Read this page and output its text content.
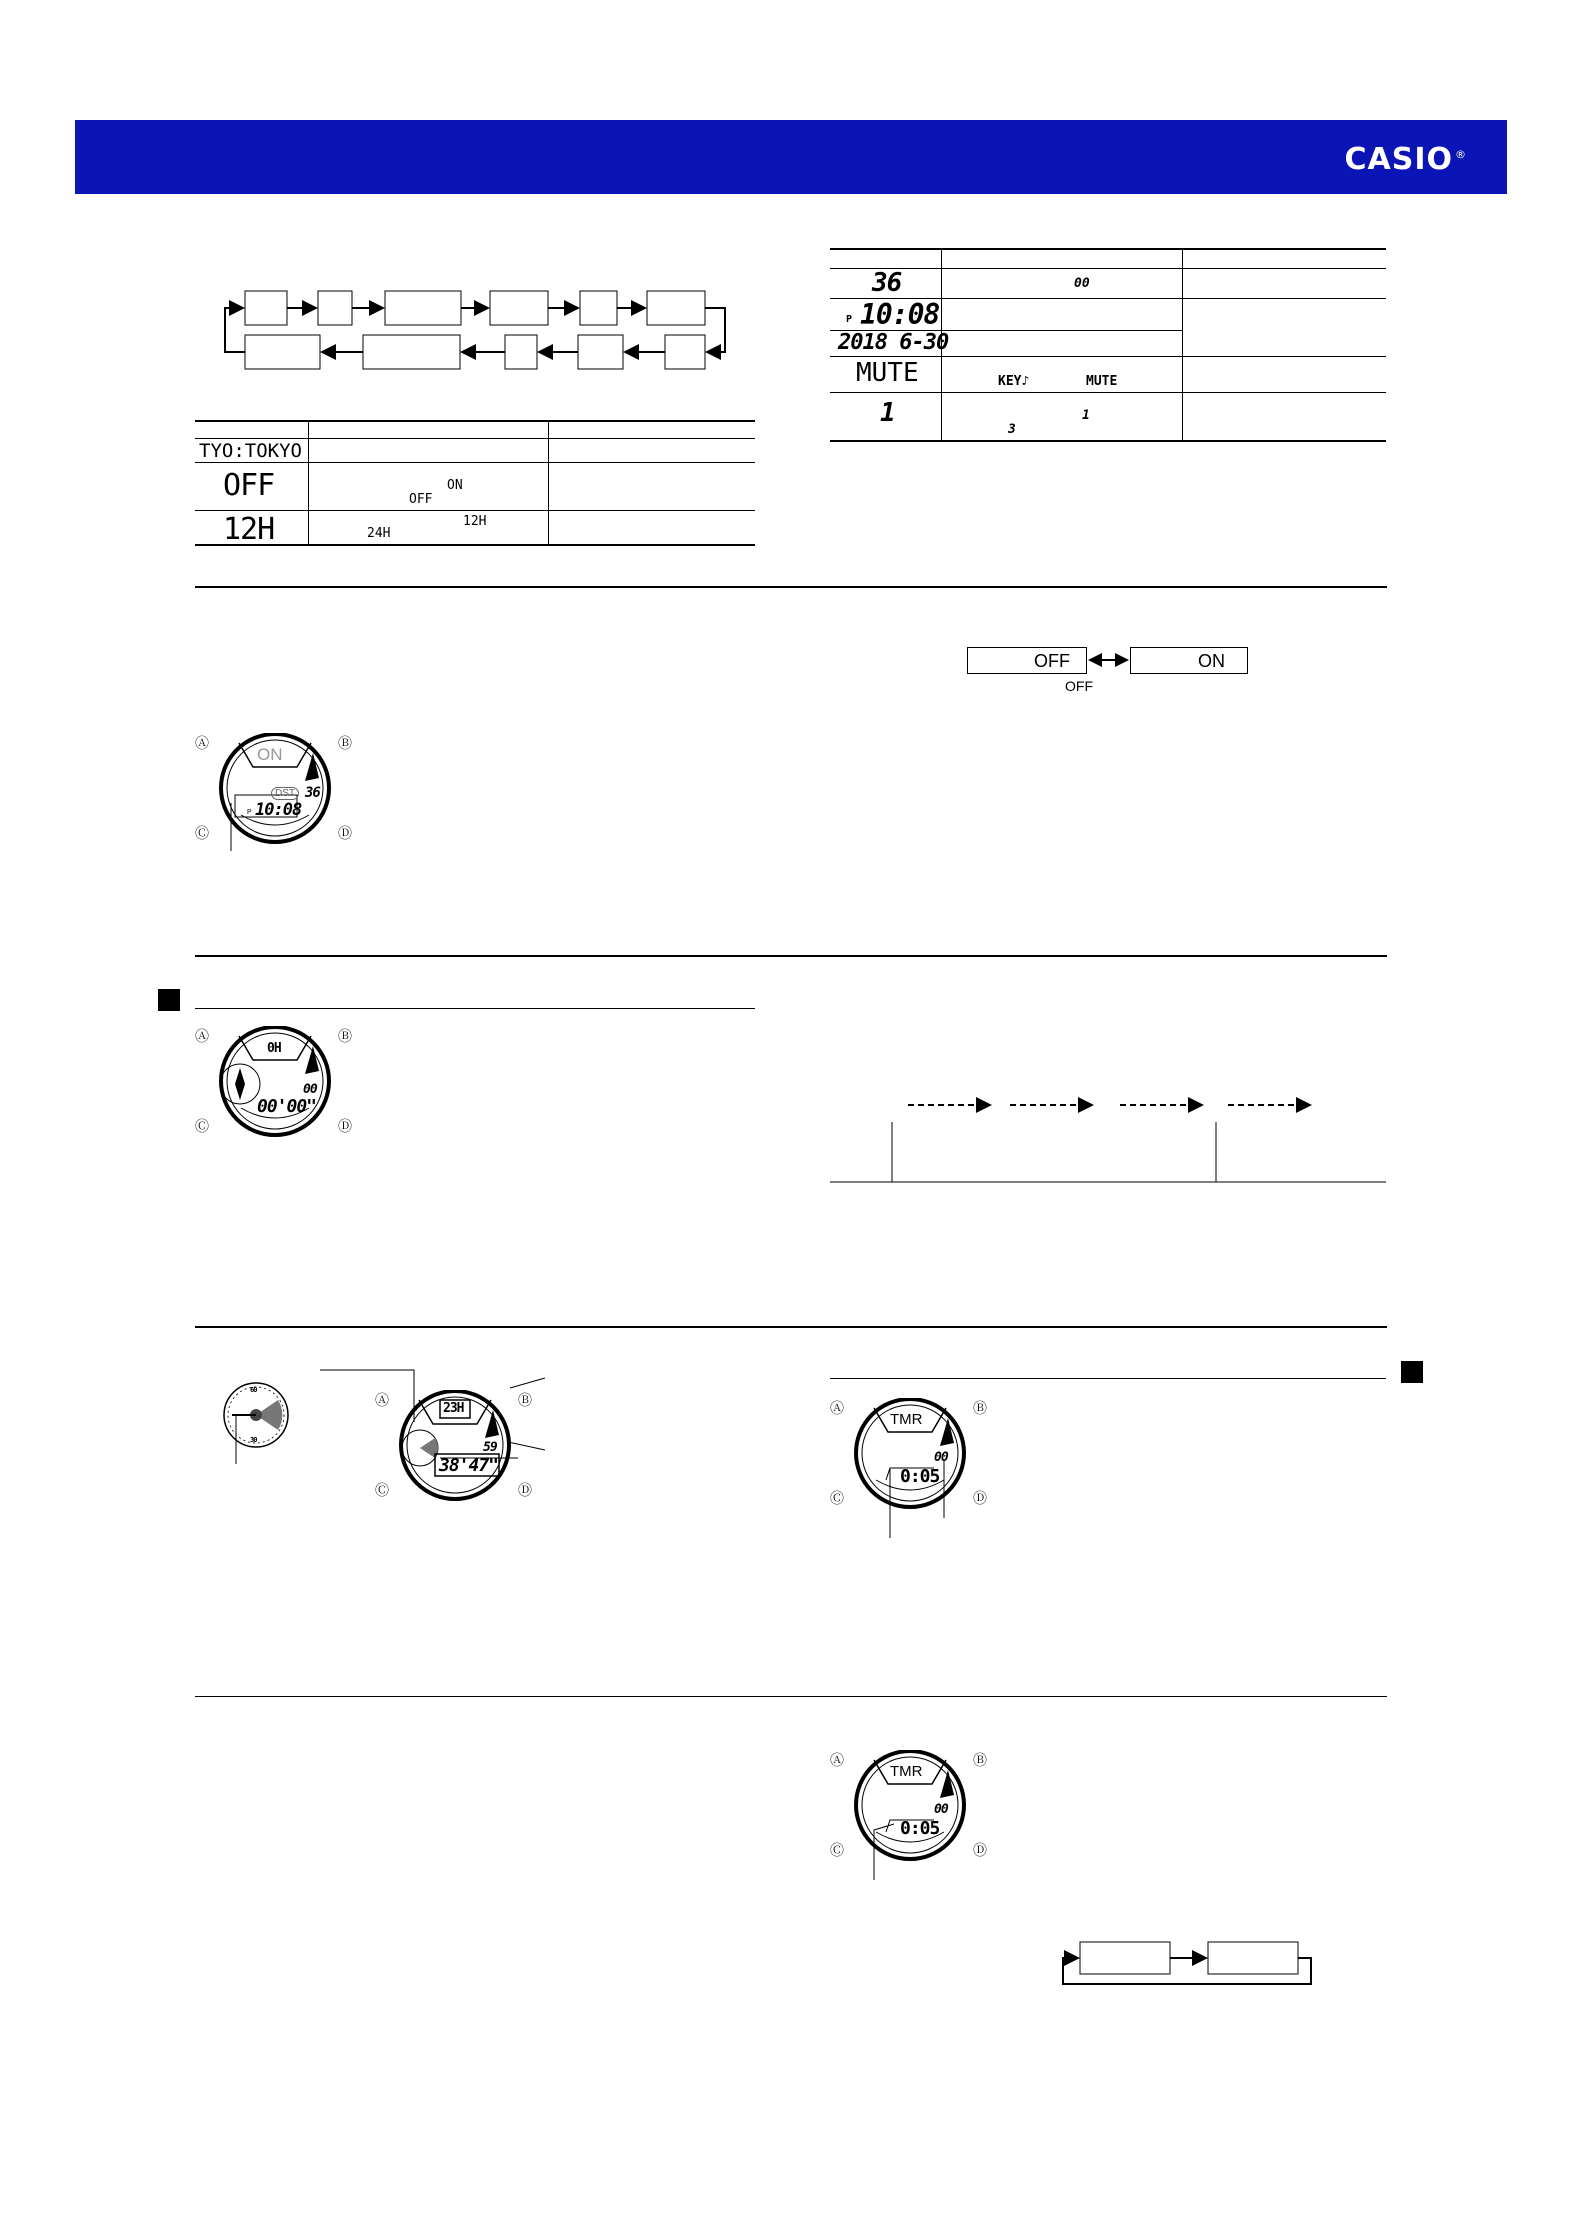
CASIO ®
TYO:TOKYO
OFF	ON
OFF
12H	12H
24H
36	00
P 10:08
2018 6-30
MUTE	KEY♪	MUTE
1	1
3
OFF	ON
OFF
Ⓐ	Ⓑ
Ⓒ	Ⓓ
ON
DST 36
P 10:08
Ⓐ	Ⓑ
Ⓒ	Ⓓ
0H
00
00'00"
60
30
Ⓐ	Ⓑ
Ⓒ	Ⓓ
23H
59
38'47"
Ⓐ	Ⓑ
Ⓒ	Ⓓ
TMR
00
0:05
Ⓐ	Ⓑ
Ⓒ	Ⓓ
TMR
00
0:05
